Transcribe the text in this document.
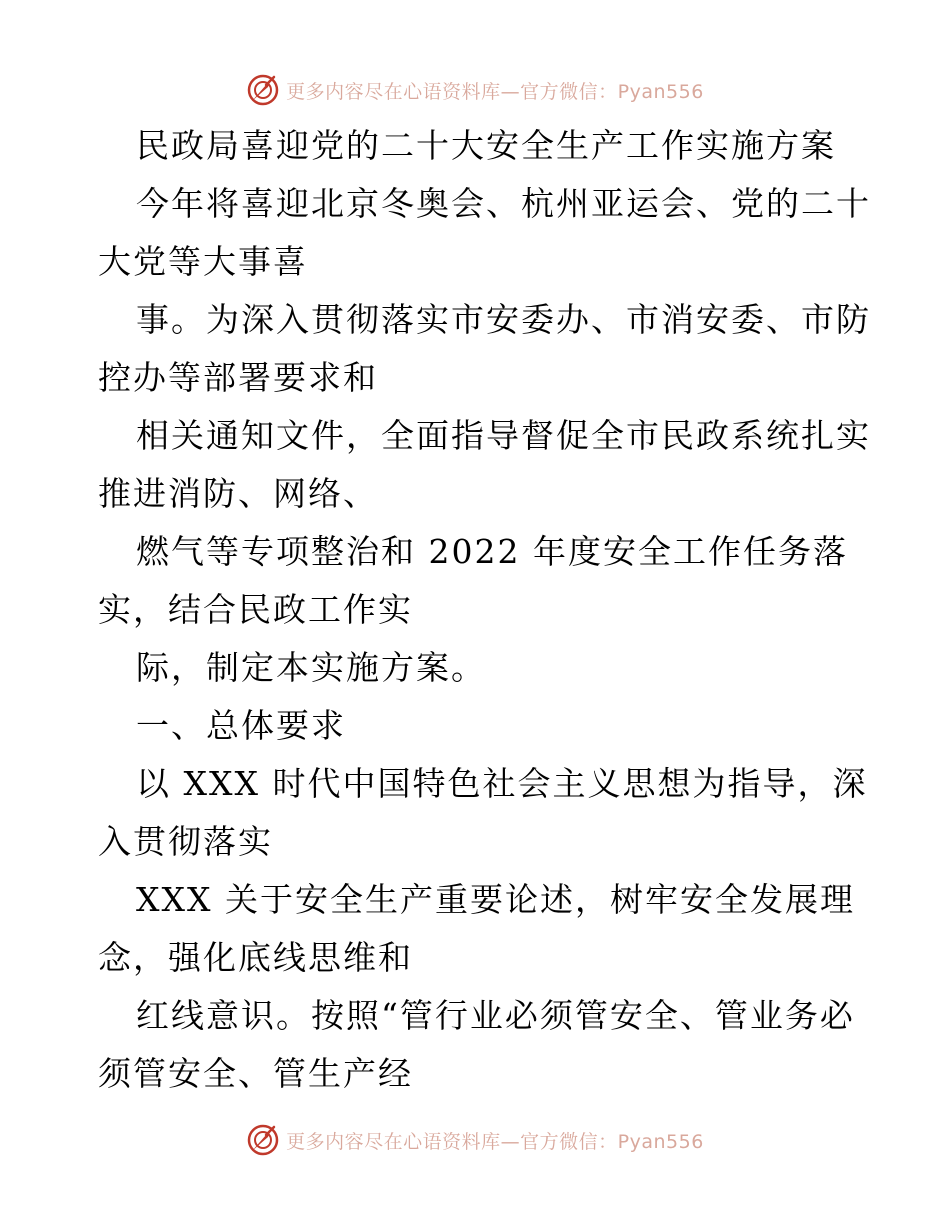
更多内容尽在心语资料库—官方微信：Pyan556
民政局喜迎党的二十大安全生产工作实施方案
今年将喜迎北京冬奥会、杭州亚运会、党的二十
大党等大事喜
事。为深入贯彻落实市安委办、市消安委、市防
控办等部署要求和
相关通知文件，全面指导督促全市民政系统扎实
推进消防、网络、
燃气等专项整治和 2022 年度安全工作任务落
实，结合民政工作实
际，制定本实施方案。
一、总体要求
以 XXX 时代中国特色社会主义思想为指导，深
入贯彻落实
XXX 关于安全生产重要论述，树牢安全发展理
念，强化底线思维和
红线意识。按照“管行业必须管安全、管业务必
须管安全、管生产经
更多内容尽在心语资料库—官方微信：Pyan556
